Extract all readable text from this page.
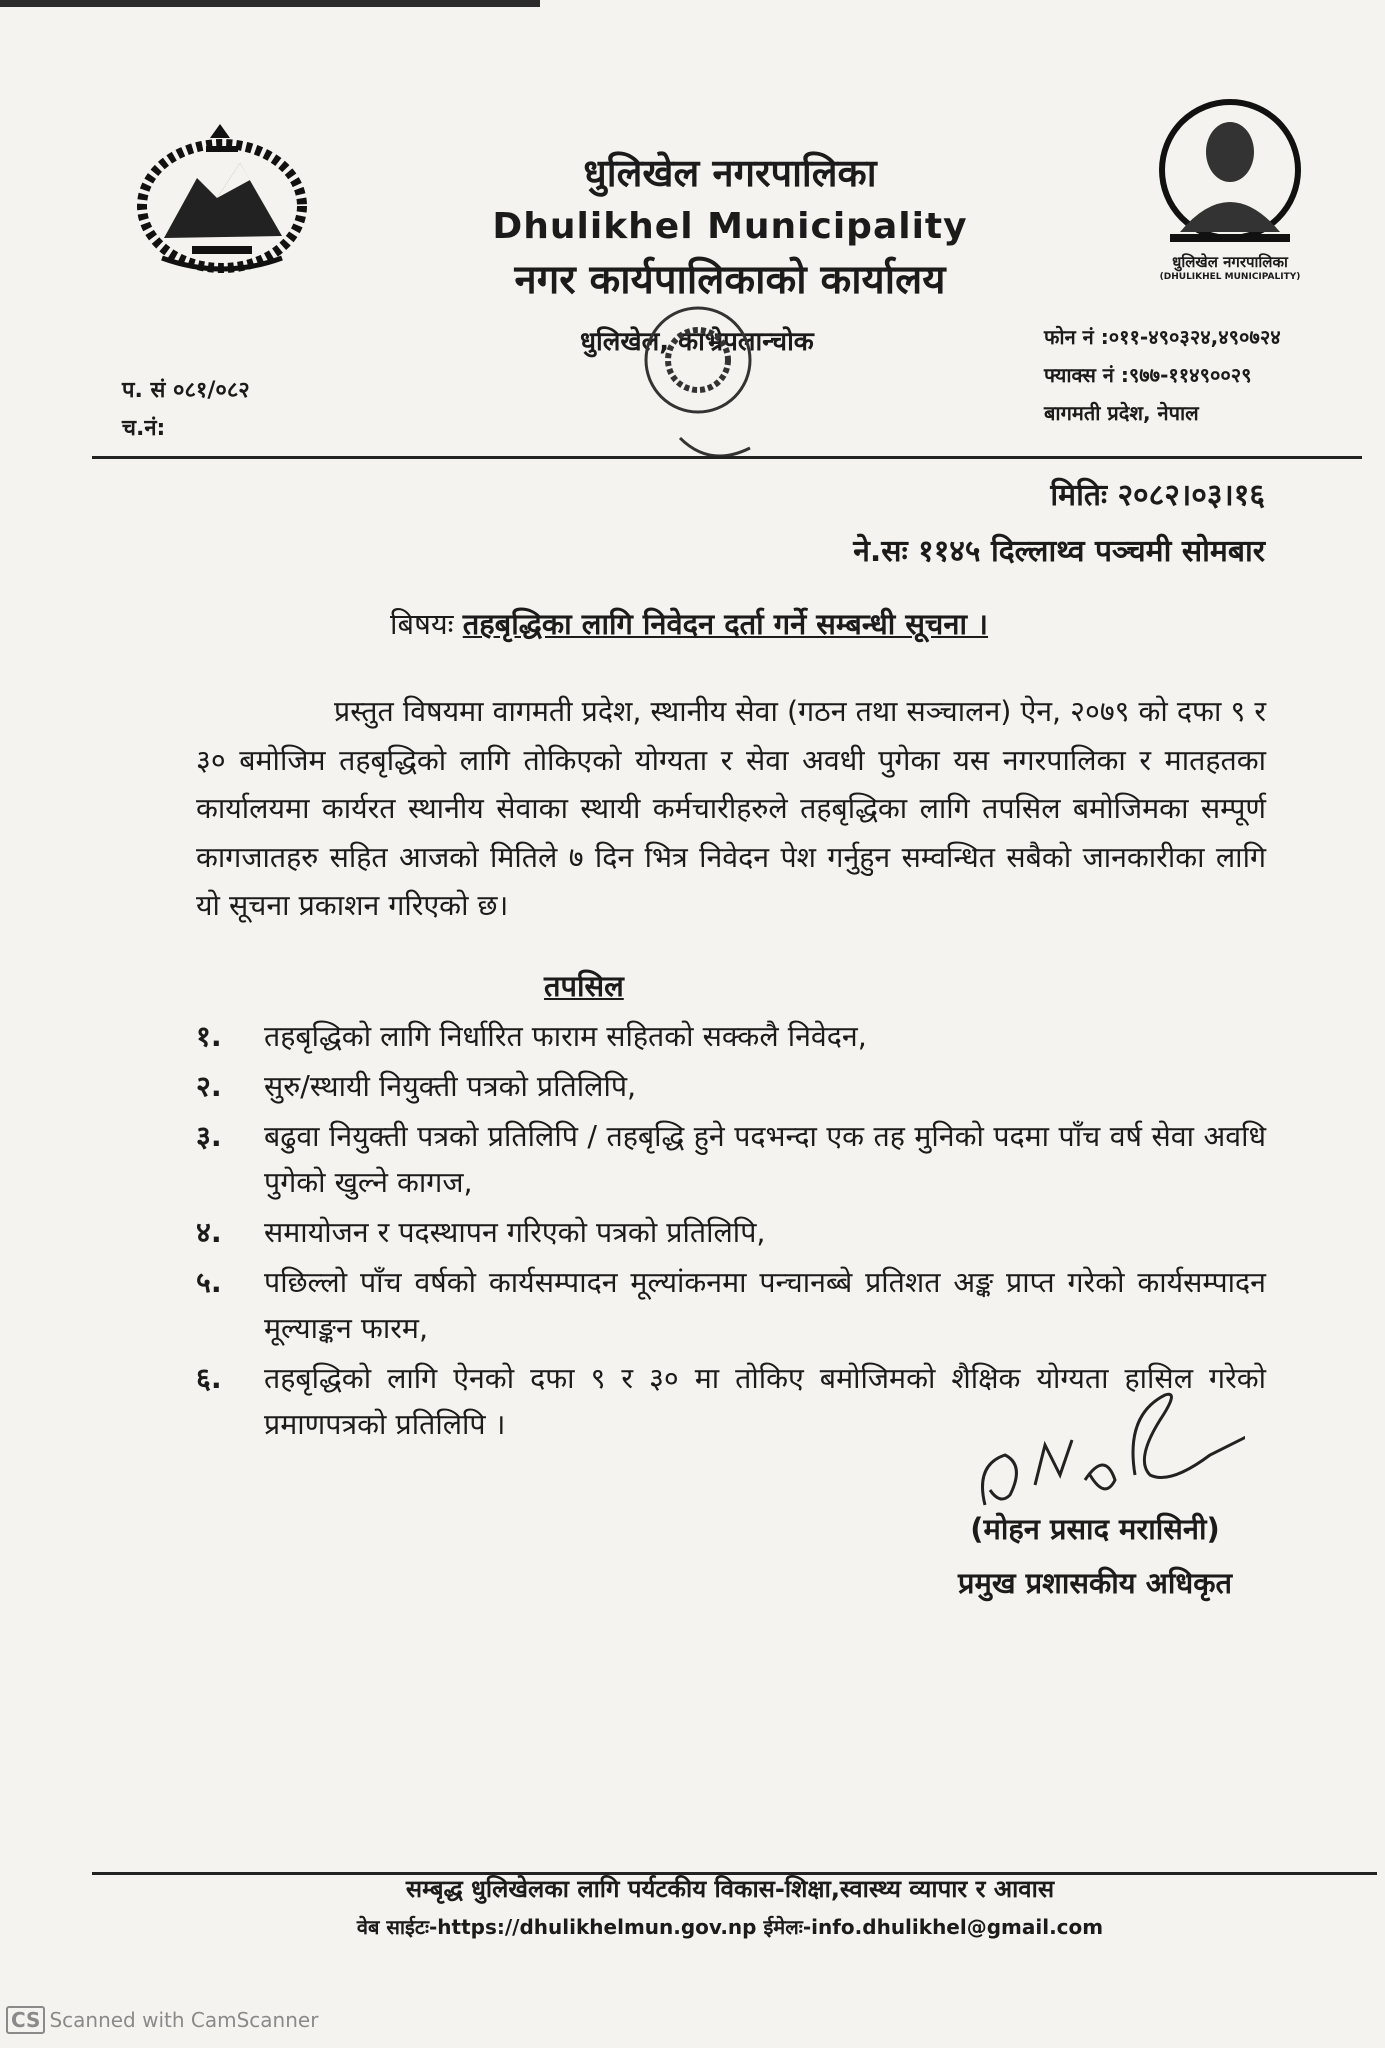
धुलिखेल नगरपालिका
Dhulikhel Municipality
नगर कार्यपालिकाको कार्यालय	धुलिखेल नगरपालिका
(DHULIKHEL MUNICIPALITY)
धुलिखेल, काभ्रेपलान्चोक	फोन नं :०११-४९०३२४,४९०७२४
फ्याक्स नं :९७७-११४९००२९
बागमती प्रदेश, नेपाल
प. सं ०८१/०८२
च.नं:
मितिः २०८२।०३।१६
ने.सः ११४५ दिल्लाथ्व पञ्चमी सोमबार
बिषयः तहबृद्धिका लागि निवेदन दर्ता गर्ने सम्बन्धी सूचना ।

प्रस्तुत विषयमा वागमती प्रदेश, स्थानीय सेवा (गठन तथा सञ्चालन) ऐन, २०७९ को दफा ९ र ३० बमोजिम तहबृद्धिको लागि तोकिएको योग्यता र सेवा अवधी पुगेका यस नगरपालिका र मातहतका कार्यालयमा कार्यरत स्थानीय सेवाका स्थायी कर्मचारीहरुले तहबृद्धिका लागि तपसिल बमोजिमका सम्पूर्ण कागजातहरु सहित आजको मितिले ७ दिन भित्र निवेदन पेश गर्नुहुन सम्वन्धित सबैको जानकारीका लागि यो सूचना प्रकाशन गरिएको छ।

तपसिल
१. तहबृद्धिको लागि निर्धारित फाराम सहितको सक्कलै निवेदन,
२. सुरु/स्थायी नियुक्ती पत्रको प्रतिलिपि,
३. बढुवा नियुक्ती पत्रको प्रतिलिपि / तहबृद्धि हुने पदभन्दा एक तह मुनिको पदमा पाँच वर्ष सेवा अवधि पुगेको खुल्ने कागज,
४. समायोजन र पदस्थापन गरिएको पत्रको प्रतिलिपि,
५. पछिल्लो पाँच वर्षको कार्यसम्पादन मूल्यांकनमा पन्चानब्बे प्रतिशत अङ्क प्राप्त गरेको कार्यसम्पादन मूल्याङ्कन फारम,
६. तहबृद्धिको लागि ऐनको दफा ९ र ३० मा तोकिए बमोजिमको शैक्षिक योग्यता हासिल गरेको प्रमाणपत्रको प्रतिलिपि ।
(मोहन प्रसाद मरासिनी)
प्रमुख प्रशासकीय अधिकृत
सम्बृद्ध धुलिखेलका लागि पर्यटकीय विकास-शिक्षा,स्वास्थ्य व्यापार र आवास
वेब साईटः-https://dhulikhelmun.gov.np ईमेलः-info.dhulikhel@gmail.com
CS Scanned with CamScanner
